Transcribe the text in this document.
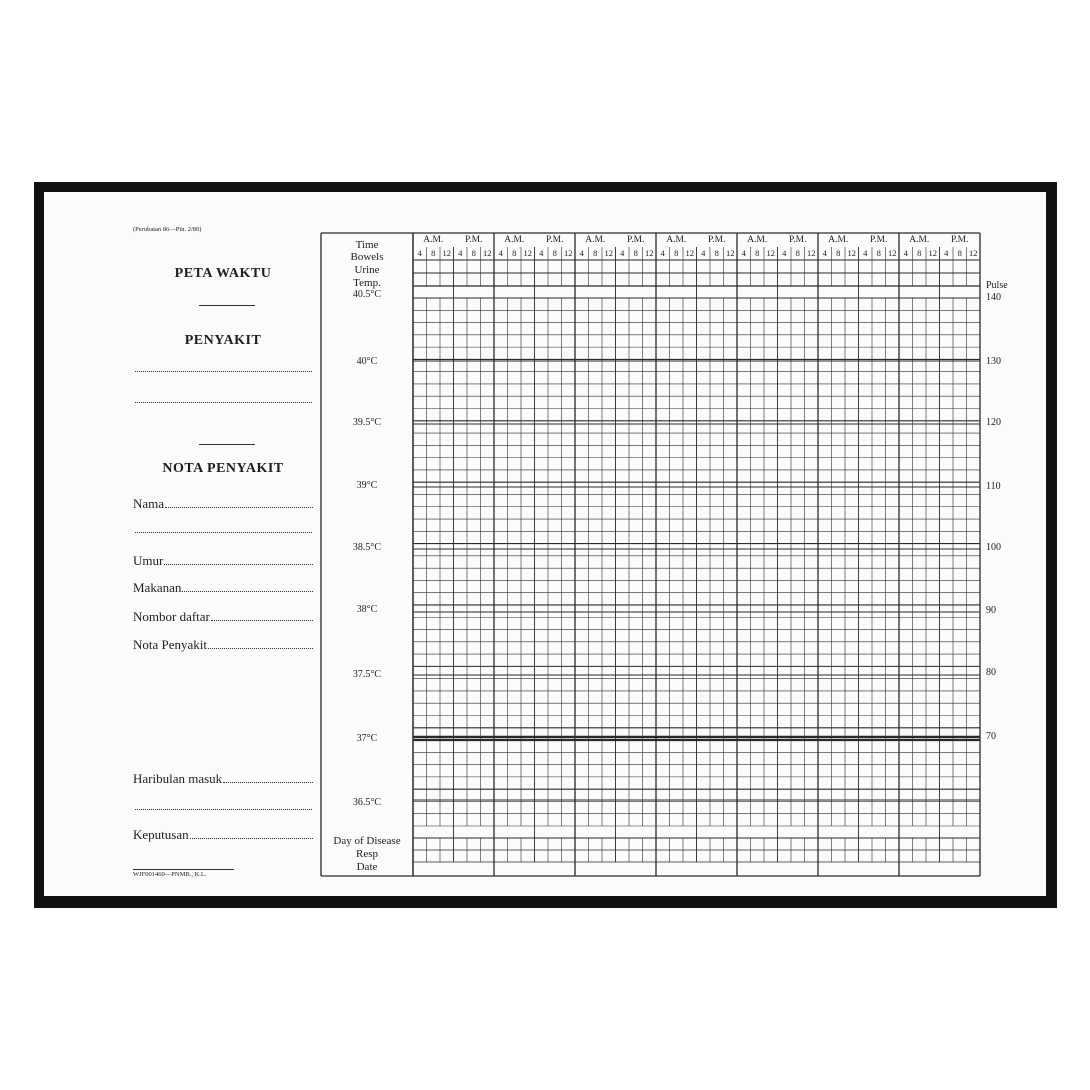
(Perubatan 86—Pin. 2/80)
PETA WAKTU
PENYAKIT
NOTA PENYAKIT
Nama
Umur
Makanan
Nombor daftar
Nota Penyakit
Haribulan masuk
Keputusan
WJF001460—PNMB., K.L.
Time
Bowels
Urine
Temp.
40.5°C
40°C
39.5°C
39°C
38.5°C
38°C
37.5°C
37°C
36.5°C
Day of Disease
Resp
Date
Pulse
140
130
120
110
100
90
80
70
A.M. P.M.
4 8 12 4 8 12
A.M. P.M.
4 8 12 4 8 12
A.M. P.M.
4 8 12 4 8 12
A.M. P.M.
4 8 12 4 8 12
A.M. P.M.
4 8 12 4 8 12
A.M. P.M.
4 8 12 4 8 12
A.M. P.M.
4 8 12 4 8 12
